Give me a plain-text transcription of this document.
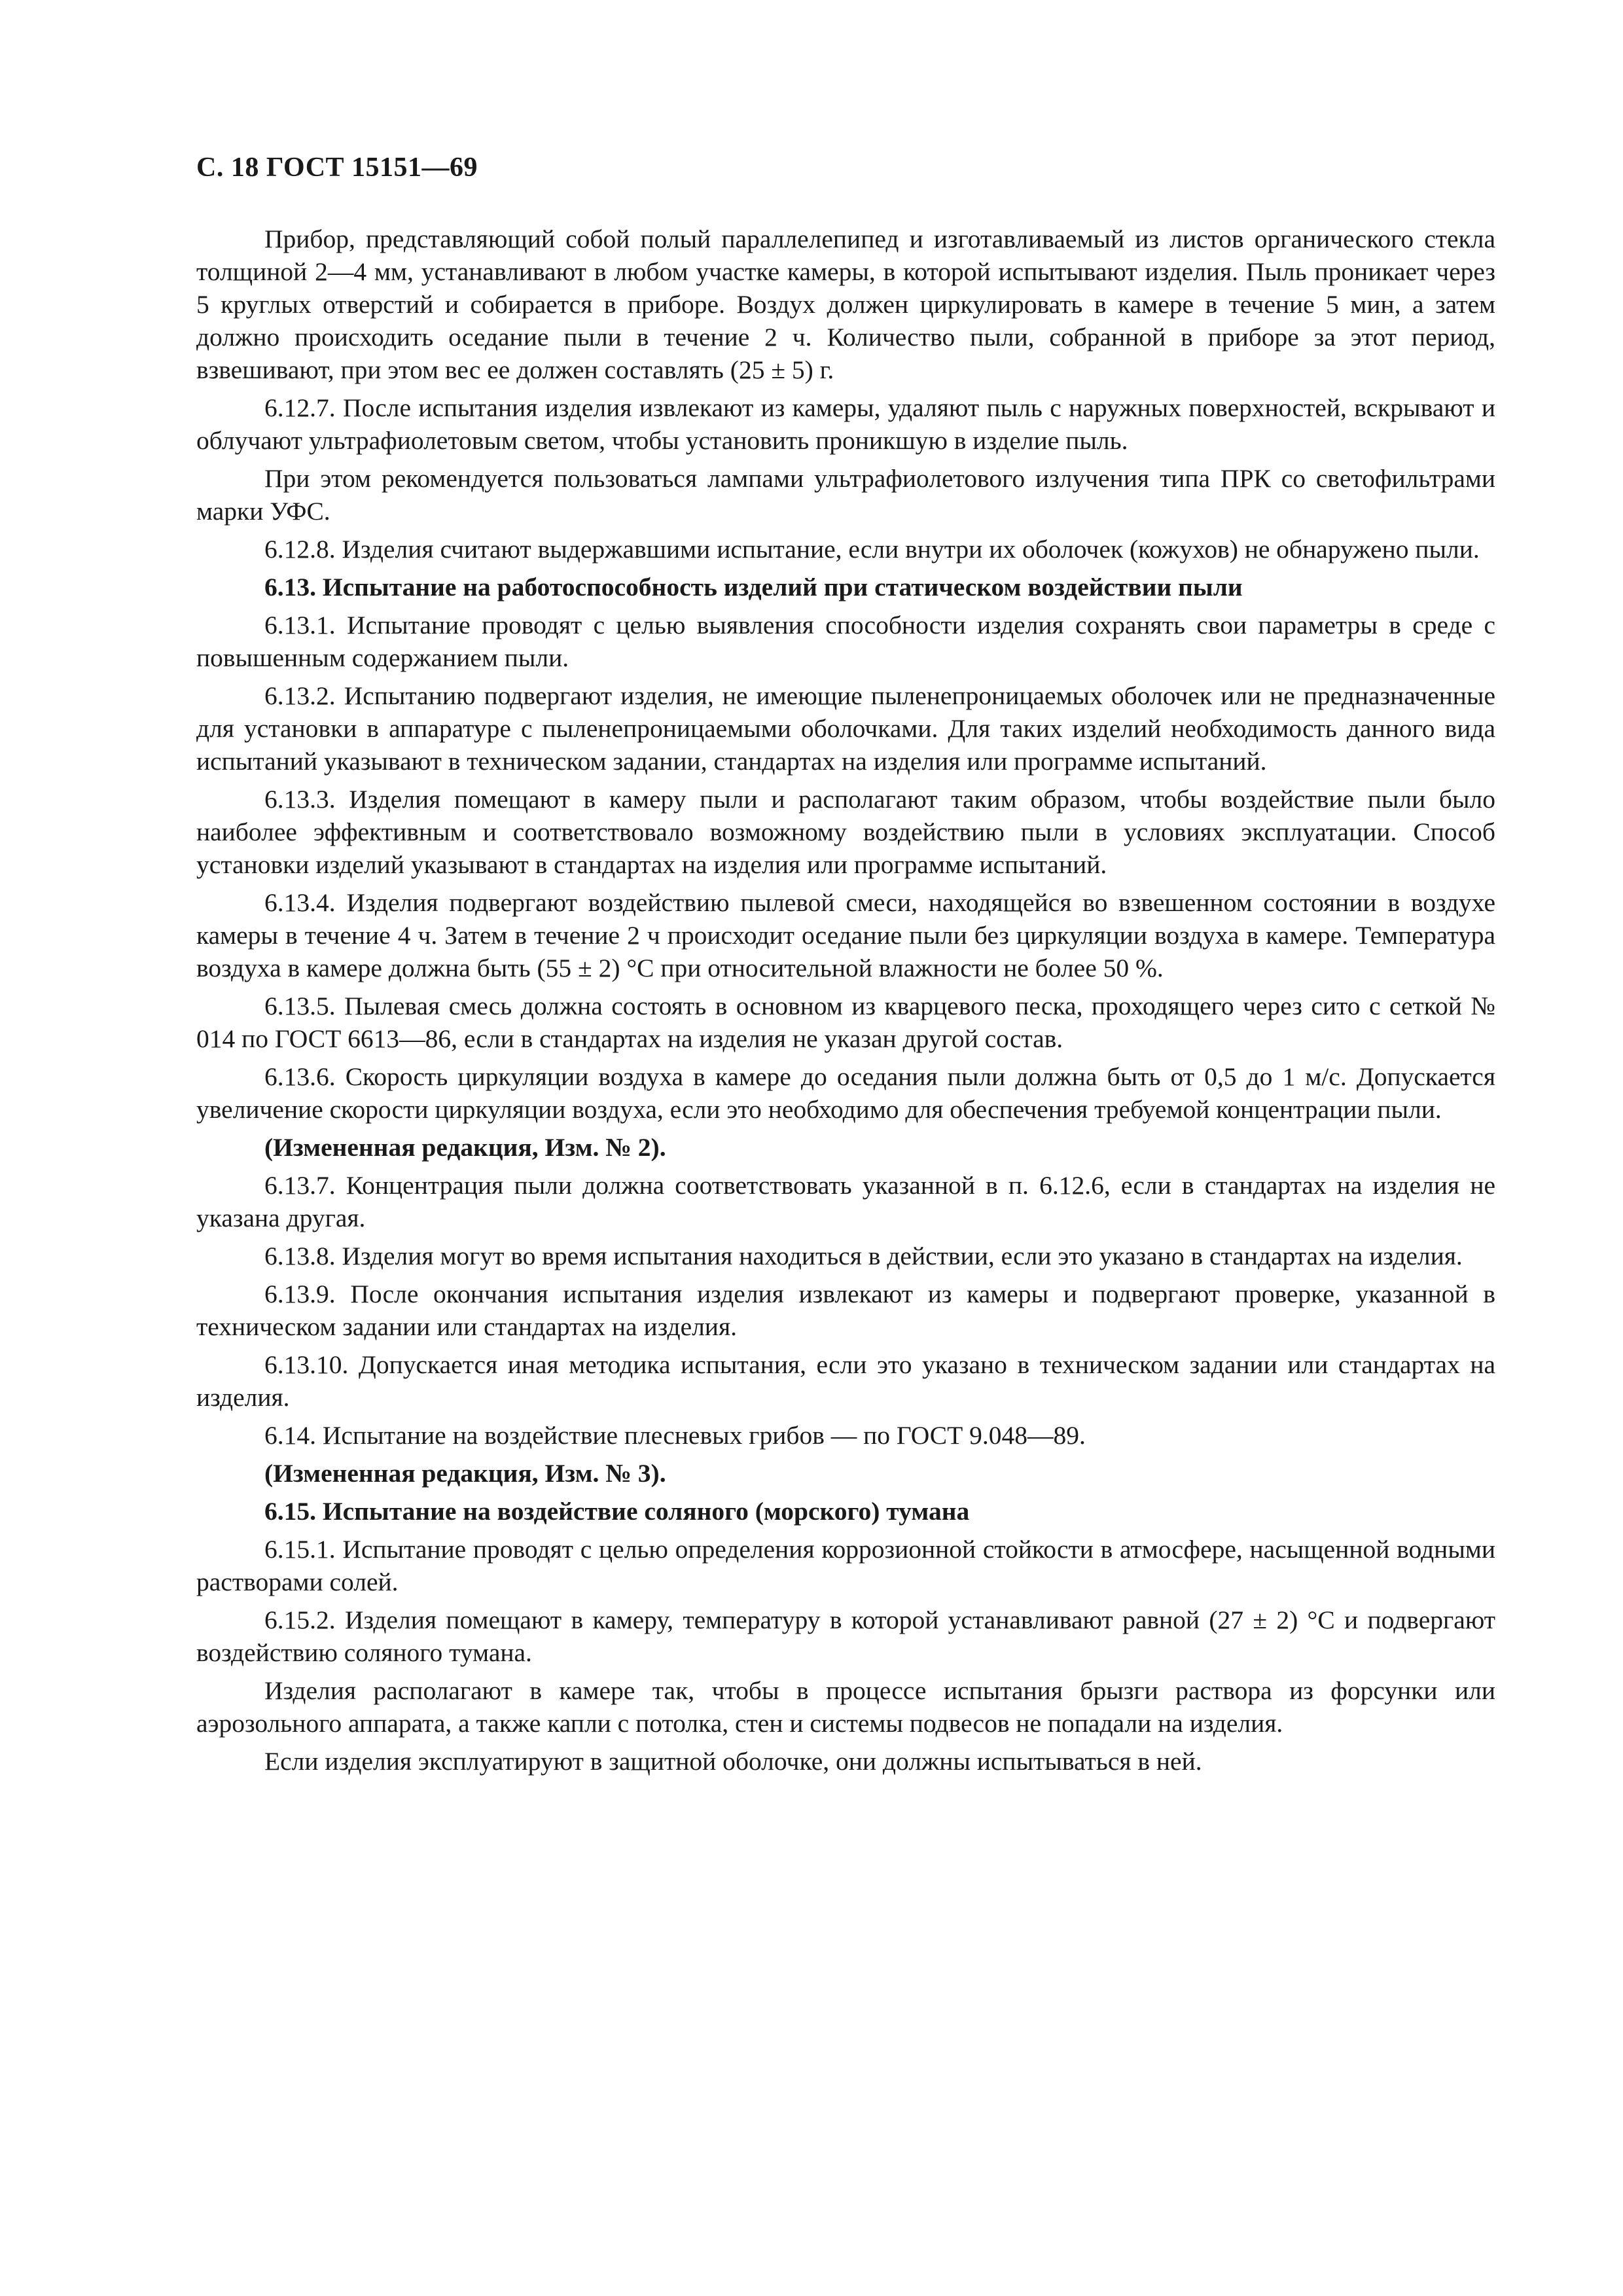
С. 18 ГОСТ 15151—69

Прибор, представляющий собой полый параллелепипед и изготавливаемый из листов органического стекла толщиной 2—4 мм, устанавливают в любом участке камеры, в которой испытывают изделия. Пыль проникает через 5 круглых отверстий и собирается в приборе. Воздух должен циркулировать в камере в течение 5 мин, а затем должно происходить оседание пыли в течение 2 ч. Количество пыли, собранной в приборе за этот период, взвешивают, при этом вес ее должен составлять (25 ± 5) г.

6.12.7. После испытания изделия извлекают из камеры, удаляют пыль с наружных поверхностей, вскрывают и облучают ультрафиолетовым светом, чтобы установить проникшую в изделие пыль.

При этом рекомендуется пользоваться лампами ультрафиолетового излучения типа ПРК со светофильтрами марки УФС.

6.12.8. Изделия считают выдержавшими испытание, если внутри их оболочек (кожухов) не обнаружено пыли.

6.13. Испытание на работоспособность изделий при статическом воздействии пыли

6.13.1. Испытание проводят с целью выявления способности изделия сохранять свои параметры в среде с повышенным содержанием пыли.

6.13.2. Испытанию подвергают изделия, не имеющие пыленепроницаемых оболочек или не предназначенные для установки в аппаратуре с пыленепроницаемыми оболочками. Для таких изделий необходимость данного вида испытаний указывают в техническом задании, стандартах на изделия или программе испытаний.

6.13.3. Изделия помещают в камеру пыли и располагают таким образом, чтобы воздействие пыли было наиболее эффективным и соответствовало возможному воздействию пыли в условиях эксплуатации. Способ установки изделий указывают в стандартах на изделия или программе испытаний.

6.13.4. Изделия подвергают воздействию пылевой смеси, находящейся во взвешенном состоянии в воздухе камеры в течение 4 ч. Затем в течение 2 ч происходит оседание пыли без циркуляции воздуха в камере. Температура воздуха в камере должна быть (55 ± 2) °С при относительной влажности не более 50 %.

6.13.5. Пылевая смесь должна состоять в основном из кварцевого песка, проходящего через сито с сеткой № 014 по ГОСТ 6613—86, если в стандартах на изделия не указан другой состав.

6.13.6. Скорость циркуляции воздуха в камере до оседания пыли должна быть от 0,5 до 1 м/с. Допускается увеличение скорости циркуляции воздуха, если это необходимо для обеспечения требуемой концентрации пыли.

(Измененная редакция, Изм. № 2).

6.13.7. Концентрация пыли должна соответствовать указанной в п. 6.12.6, если в стандартах на изделия не указана другая.

6.13.8. Изделия могут во время испытания находиться в действии, если это указано в стандартах на изделия.

6.13.9. После окончания испытания изделия извлекают из камеры и подвергают проверке, указанной в техническом задании или стандартах на изделия.

6.13.10. Допускается иная методика испытания, если это указано в техническом задании или стандартах на изделия.

6.14. Испытание на воздействие плесневых грибов — по ГОСТ 9.048—89.

(Измененная редакция, Изм. № 3).

6.15. Испытание на воздействие соляного (морского) тумана

6.15.1. Испытание проводят с целью определения коррозионной стойкости в атмосфере, насыщенной водными растворами солей.

6.15.2. Изделия помещают в камеру, температуру в которой устанавливают равной (27 ± 2) °С и подвергают воздействию соляного тумана.

Изделия располагают в камере так, чтобы в процессе испытания брызги раствора из форсунки или аэрозольного аппарата, а также капли с потолка, стен и системы подвесов не попадали на изделия.

Если изделия эксплуатируют в защитной оболочке, они должны испытываться в ней.
